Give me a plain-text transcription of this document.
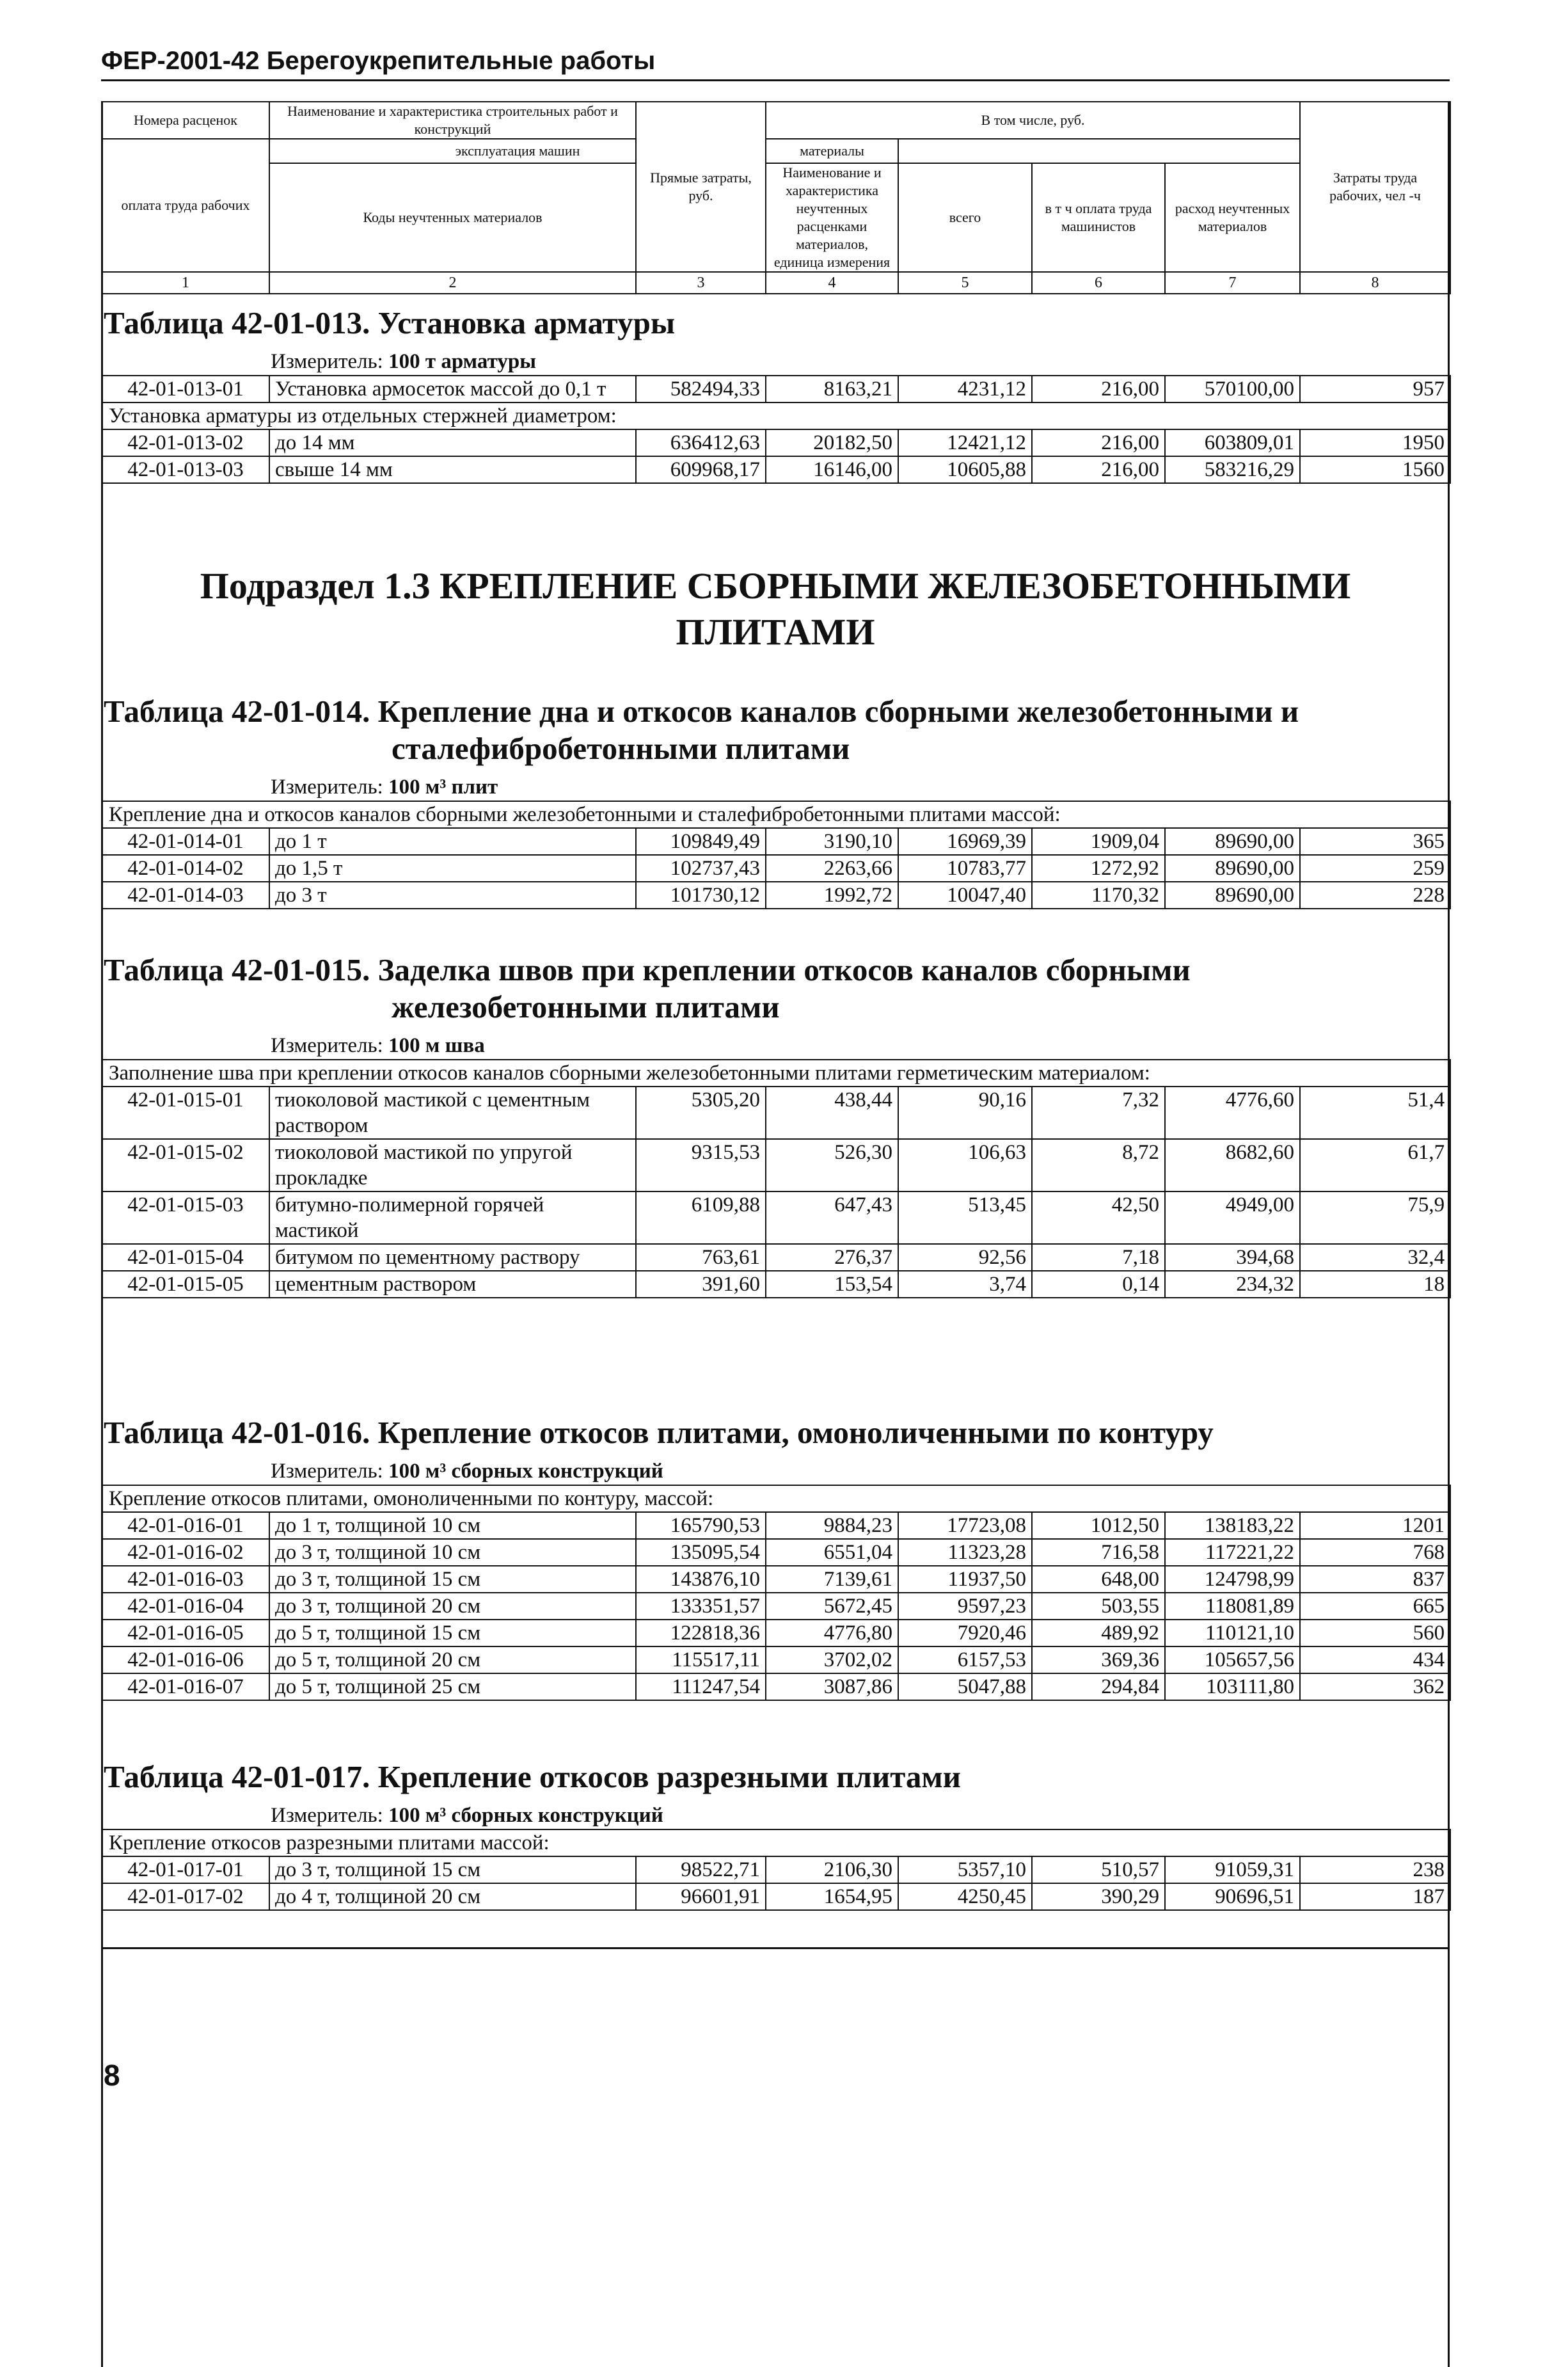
ФЕР-2001-42 Берегоукрепительные работы
Номера расценок	Наименование и характеристика строительных работ и конструкций	Прямые затраты, руб.	В том числе, руб.				Затраты труда рабочих, чел -ч
оплата труда рабочих	эксплуатация машин		материалы				
	Коды неучтенных материалов		Наименование и характеристика неучтенных расценками материалов, единица измерения	всего	в т ч оплата труда машинистов	расход неучтенных материалов	
1	2	3	4	5	6	7	8
Таблица 42-01-013. Установка арматуры
Измеритель: 100 т арматуры
42-01-013-01	Установка армосеток массой до 0,1 т	582494,33	8163,21	4231,12	216,00	570100,00	957
Установка арматуры из отдельных стержней диаметром:							
42-01-013-02	до 14 мм	636412,63	20182,50	12421,12	216,00	603809,01	1950
42-01-013-03	свыше 14 мм	609968,17	16146,00	10605,88	216,00	583216,29	1560
Подраздел 1.3 КРЕПЛЕНИЕ СБОРНЫМИ ЖЕЛЕЗОБЕТОННЫМИ
ПЛИТАМИ
Таблица 42-01-014. Крепление дна и откосов каналов сборными железобетонными и
сталефибробетонными плитами
Измеритель: 100 м³ плит
Крепление дна и откосов каналов сборными железобетонными и сталефибробетонными плитами массой:							
42-01-014-01	до 1 т	109849,49	3190,10	16969,39	1909,04	89690,00	365
42-01-014-02	до 1,5 т	102737,43	2263,66	10783,77	1272,92	89690,00	259
42-01-014-03	до 3 т	101730,12	1992,72	10047,40	1170,32	89690,00	228
Таблица 42-01-015. Заделка швов при креплении откосов каналов сборными
железобетонными плитами
Измеритель: 100 м шва
Заполнение шва при креплении откосов каналов сборными железобетонными плитами герметическим материалом:							
42-01-015-01	тиоколовой мастикой с цементным раствором	5305,20	438,44	90,16	7,32	4776,60	51,4
42-01-015-02	тиоколовой мастикой по упругой прокладке	9315,53	526,30	106,63	8,72	8682,60	61,7
42-01-015-03	битумно-полимерной горячей мастикой	6109,88	647,43	513,45	42,50	4949,00	75,9
42-01-015-04	битумом по цементному раствору	763,61	276,37	92,56	7,18	394,68	32,4
42-01-015-05	цементным раствором	391,60	153,54	3,74	0,14	234,32	18
Таблица 42-01-016. Крепление откосов плитами, омоноличенными по контуру
Измеритель: 100 м³ сборных конструкций
Крепление откосов плитами, омоноличенными по контуру, массой:							
42-01-016-01	до 1 т, толщиной 10 см	165790,53	9884,23	17723,08	1012,50	138183,22	1201
42-01-016-02	до 3 т, толщиной 10 см	135095,54	6551,04	11323,28	716,58	117221,22	768
42-01-016-03	до 3 т, толщиной 15 см	143876,10	7139,61	11937,50	648,00	124798,99	837
42-01-016-04	до 3 т, толщиной 20 см	133351,57	5672,45	9597,23	503,55	118081,89	665
42-01-016-05	до 5 т, толщиной 15 см	122818,36	4776,80	7920,46	489,92	110121,10	560
42-01-016-06	до 5 т, толщиной 20 см	115517,11	3702,02	6157,53	369,36	105657,56	434
42-01-016-07	до 5 т, толщиной 25 см	111247,54	3087,86	5047,88	294,84	103111,80	362
Таблица 42-01-017. Крепление откосов разрезными плитами
Измеритель: 100 м³ сборных конструкций
Крепление откосов разрезными плитами массой:							
42-01-017-01	до 3 т, толщиной 15 см	98522,71	2106,30	5357,10	510,57	91059,31	238
42-01-017-02	до 4 т, толщиной 20 см	96601,91	1654,95	4250,45	390,29	90696,51	187
8
